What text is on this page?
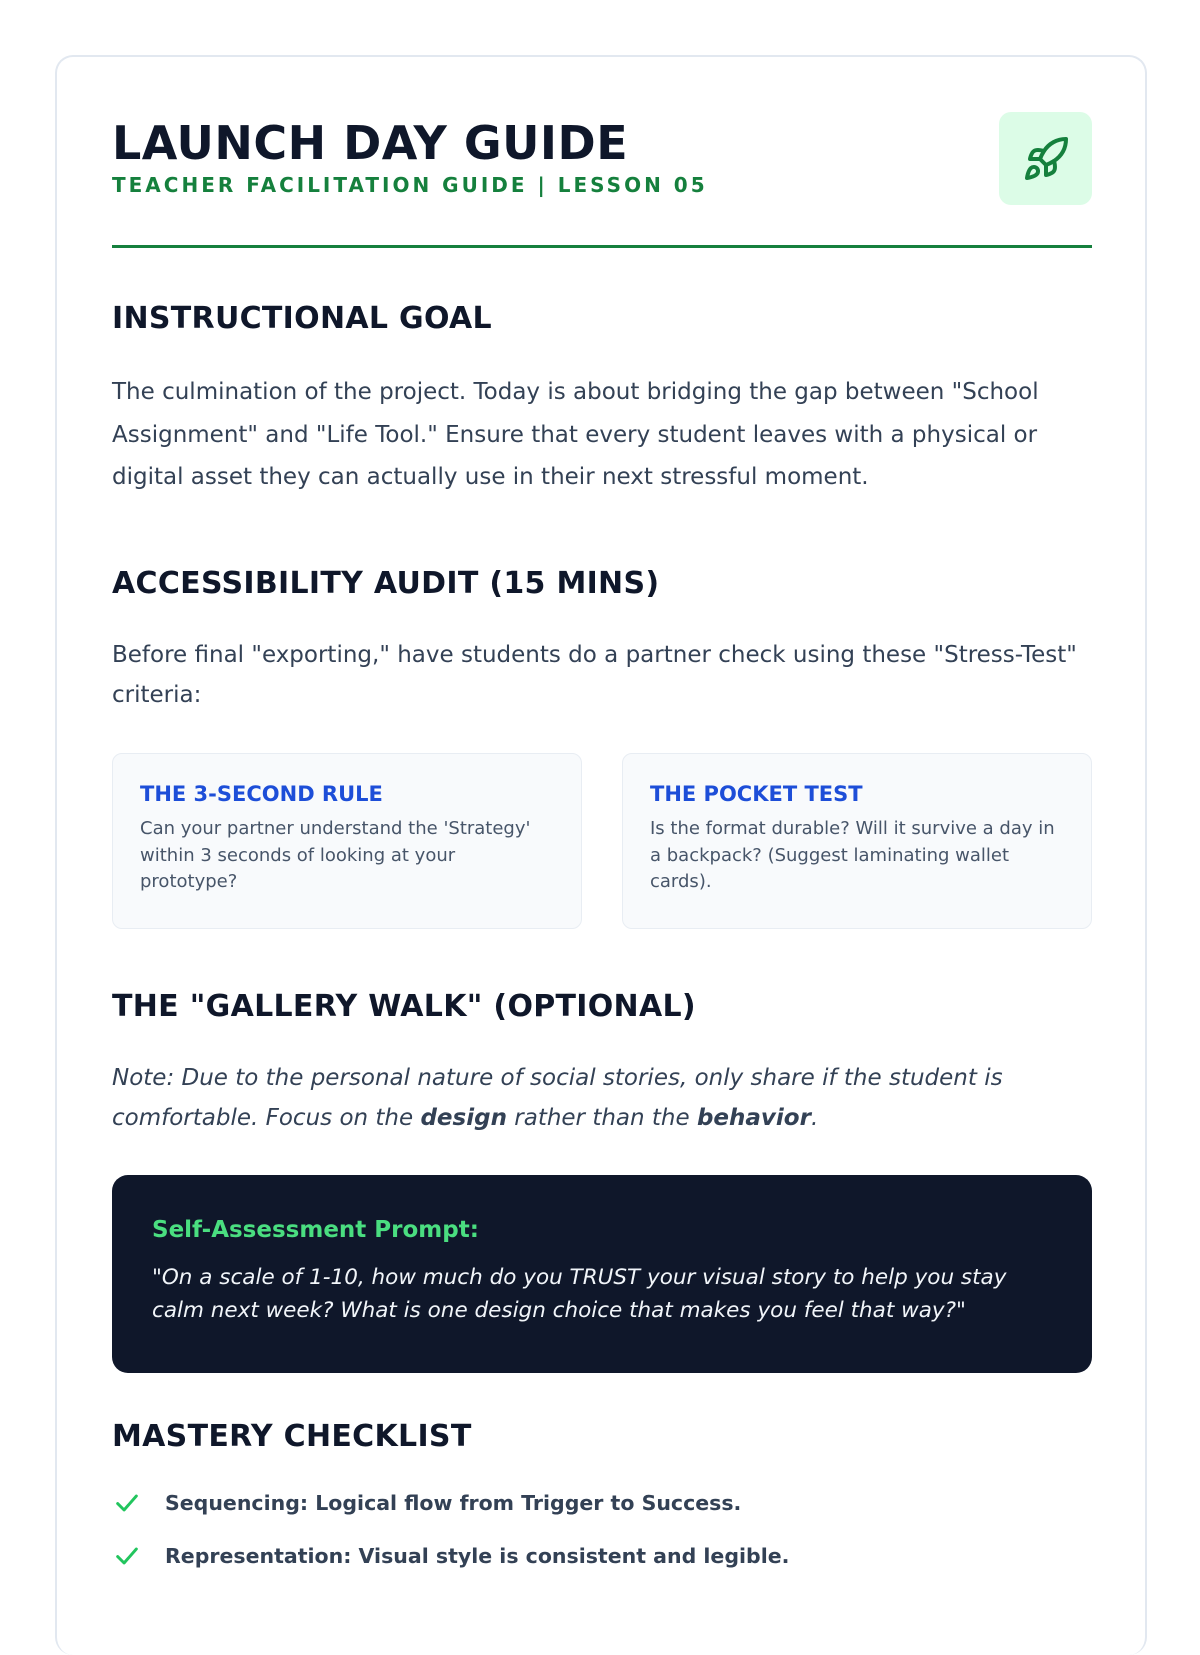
LAUNCH DAY GUIDE
TEACHER FACILITATION GUIDE | LESSON 05
INSTRUCTIONAL GOAL
The culmination of the project. Today is about bridging the gap between "School Assignment" and "Life Tool." Ensure that every student leaves with a physical or digital asset they can actually use in their next stressful moment.
ACCESSIBILITY AUDIT (15 MINS)
Before final "exporting," have students do a partner check using these "Stress-Test" criteria:
THE 3-SECOND RULE
Can your partner understand the 'Strategy' within 3 seconds of looking at your prototype?
THE POCKET TEST
Is the format durable? Will it survive a day in a backpack? (Suggest laminating wallet cards).
THE "GALLERY WALK" (OPTIONAL)
Note: Due to the personal nature of social stories, only share if the student is comfortable. Focus on the design rather than the behavior.
Self-Assessment Prompt:
"On a scale of 1-10, how much do you TRUST your visual story to help you stay calm next week? What is one design choice that makes you feel that way?"
MASTERY CHECKLIST
Sequencing: Logical flow from Trigger to Success.
Representation: Visual style is consistent and legible.
